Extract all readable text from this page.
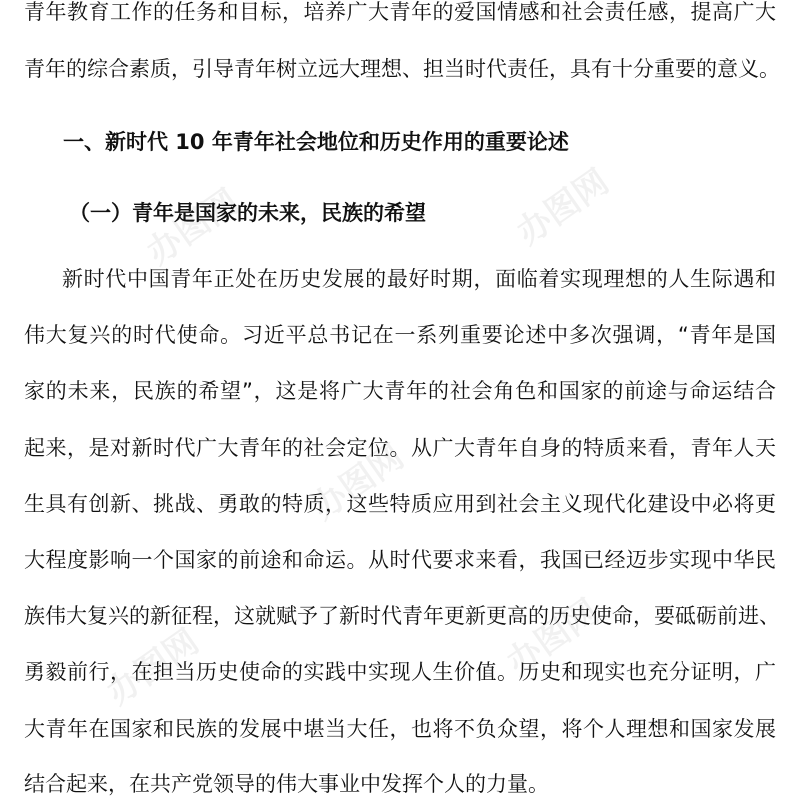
办图网	办图网
办图网
办图网
办图网
青年教育工作的任务和目标，培养广大青年的爱国情感和社会责任感，提高广大
青年的综合素质，引导青年树立远大理想、担当时代责任，具有十分重要的意义。
一、新时代 10 年青年社会地位和历史作用的重要论述
（一）青年是国家的未来，民族的希望
新时代中国青年正处在历史发展的最好时期，面临着实现理想的人生际遇和
伟大复兴的时代使命。习近平总书记在一系列重要论述中多次强调，“青年是国
家的未来，民族的希望”，这是将广大青年的社会角色和国家的前途与命运结合
起来，是对新时代广大青年的社会定位。从广大青年自身的特质来看，青年人天
生具有创新、挑战、勇敢的特质，这些特质应用到社会主义现代化建设中必将更
大程度影响一个国家的前途和命运。从时代要求来看，我国已经迈步实现中华民
族伟大复兴的新征程，这就赋予了新时代青年更新更高的历史使命，要砥砺前进、
勇毅前行，在担当历史使命的实践中实现人生价值。历史和现实也充分证明，广
大青年在国家和民族的发展中堪当大任，也将不负众望，将个人理想和国家发展
结合起来，在共产党领导的伟大事业中发挥个人的力量。
